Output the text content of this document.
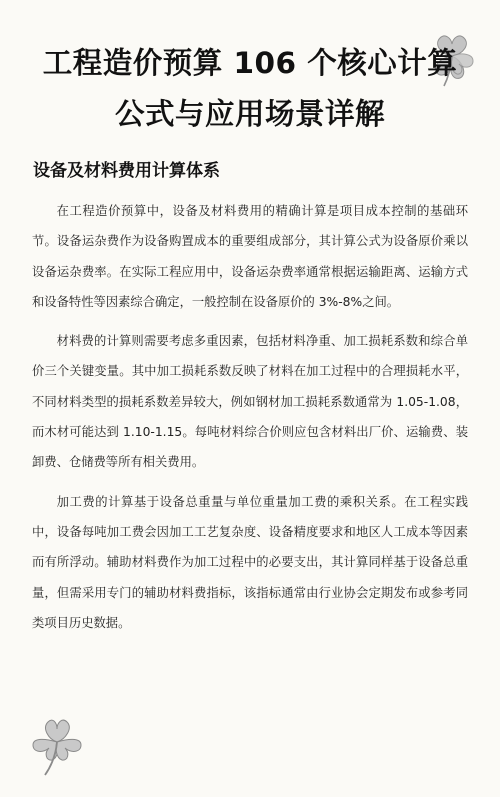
工程造价预算 106 个核心计算
公式与应用场景详解
设备及材料费用计算体系

在工程造价预算中，设备及材料费用的精确计算是项目成本控制的基础环节。设备运杂费作为设备购置成本的重要组成部分，其计算公式为设备原价乘以设备运杂费率。在实际工程应用中，设备运杂费率通常根据运输距离、运输方式和设备特性等因素综合确定，一般控制在设备原价的 3%-8%之间。

材料费的计算则需要考虑多重因素，包括材料净重、加工损耗系数和综合单价三个关键变量。其中加工损耗系数反映了材料在加工过程中的合理损耗水平，不同材料类型的损耗系数差异较大，例如钢材加工损耗系数通常为 1.05-1.08，而木材可能达到 1.10-1.15。每吨材料综合价则应包含材料出厂价、运输费、装卸费、仓储费等所有相关费用。

加工费的计算基于设备总重量与单位重量加工费的乘积关系。在工程实践中，设备每吨加工费会因加工工艺复杂度、设备精度要求和地区人工成本等因素而有所浮动。辅助材料费作为加工过程中的必要支出，其计算同样基于设备总重量，但需采用专门的辅助材料费指标，该指标通常由行业协会定期发布或参考同类项目历史数据。
